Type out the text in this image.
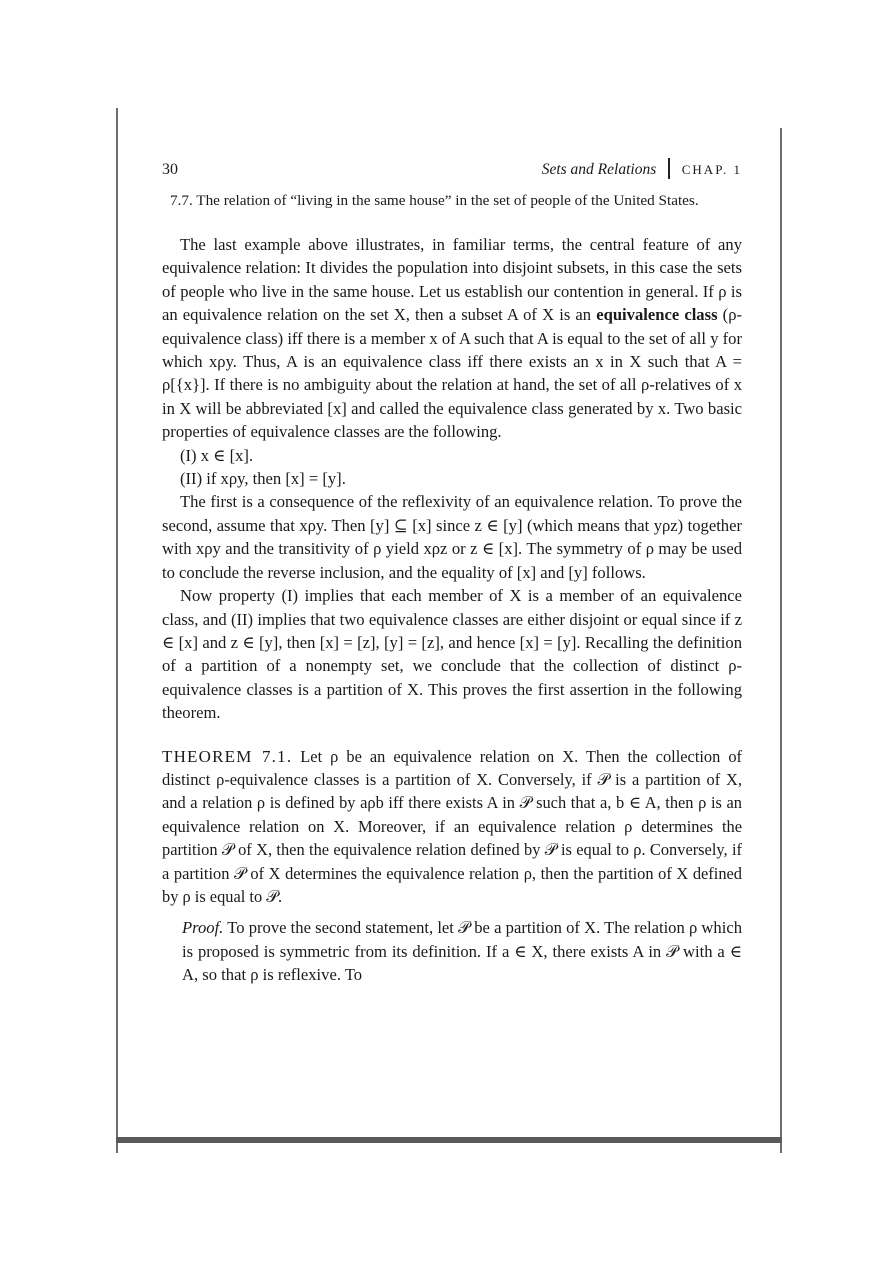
30	Sets and Relations CHAP. 1

7.7. The relation of “living in the same house” in the set of people of the United States.

The last example above illustrates, in familiar terms, the central feature of any equivalence relation: It divides the population into disjoint subsets, in this case the sets of people who live in the same house. Let us establish our contention in general. If ρ is an equivalence relation on the set X, then a subset A of X is an equivalence class (ρ-equivalence class) iff there is a member x of A such that A is equal to the set of all y for which xρy. Thus, A is an equivalence class iff there exists an x in X such that A = ρ[{x}]. If there is no ambiguity about the relation at hand, the set of all ρ-relatives of x in X will be abbreviated [x] and called the equivalence class generated by x. Two basic properties of equivalence classes are the following.

(I) x ∈ [x].

(II) if xρy, then [x] = [y].

The first is a consequence of the reflexivity of an equivalence relation. To prove the second, assume that xρy. Then [y] ⊆ [x] since z ∈ [y] (which means that yρz) together with xρy and the transitivity of ρ yield xρz or z ∈ [x]. The symmetry of ρ may be used to conclude the reverse inclusion, and the equality of [x] and [y] follows.

Now property (I) implies that each member of X is a member of an equivalence class, and (II) implies that two equivalence classes are either disjoint or equal since if z ∈ [x] and z ∈ [y], then [x] = [z], [y] = [z], and hence [x] = [y]. Recalling the definition of a partition of a nonempty set, we conclude that the collection of distinct ρ-equivalence classes is a partition of X. This proves the first assertion in the following theorem.

THEOREM 7.1. Let ρ be an equivalence relation on X. Then the collection of distinct ρ-equivalence classes is a partition of X. Conversely, if 𝒫 is a partition of X, and a relation ρ is defined by aρb iff there exists A in 𝒫 such that a, b ∈ A, then ρ is an equivalence relation on X. Moreover, if an equivalence relation ρ determines the partition 𝒫 of X, then the equivalence relation defined by 𝒫 is equal to ρ. Conversely, if a partition 𝒫 of X determines the equivalence relation ρ, then the partition of X defined by ρ is equal to 𝒫.

Proof. To prove the second statement, let 𝒫 be a partition of X. The relation ρ which is proposed is symmetric from its definition. If a ∈ X, there exists A in 𝒫 with a ∈ A, so that ρ is reflexive. To
